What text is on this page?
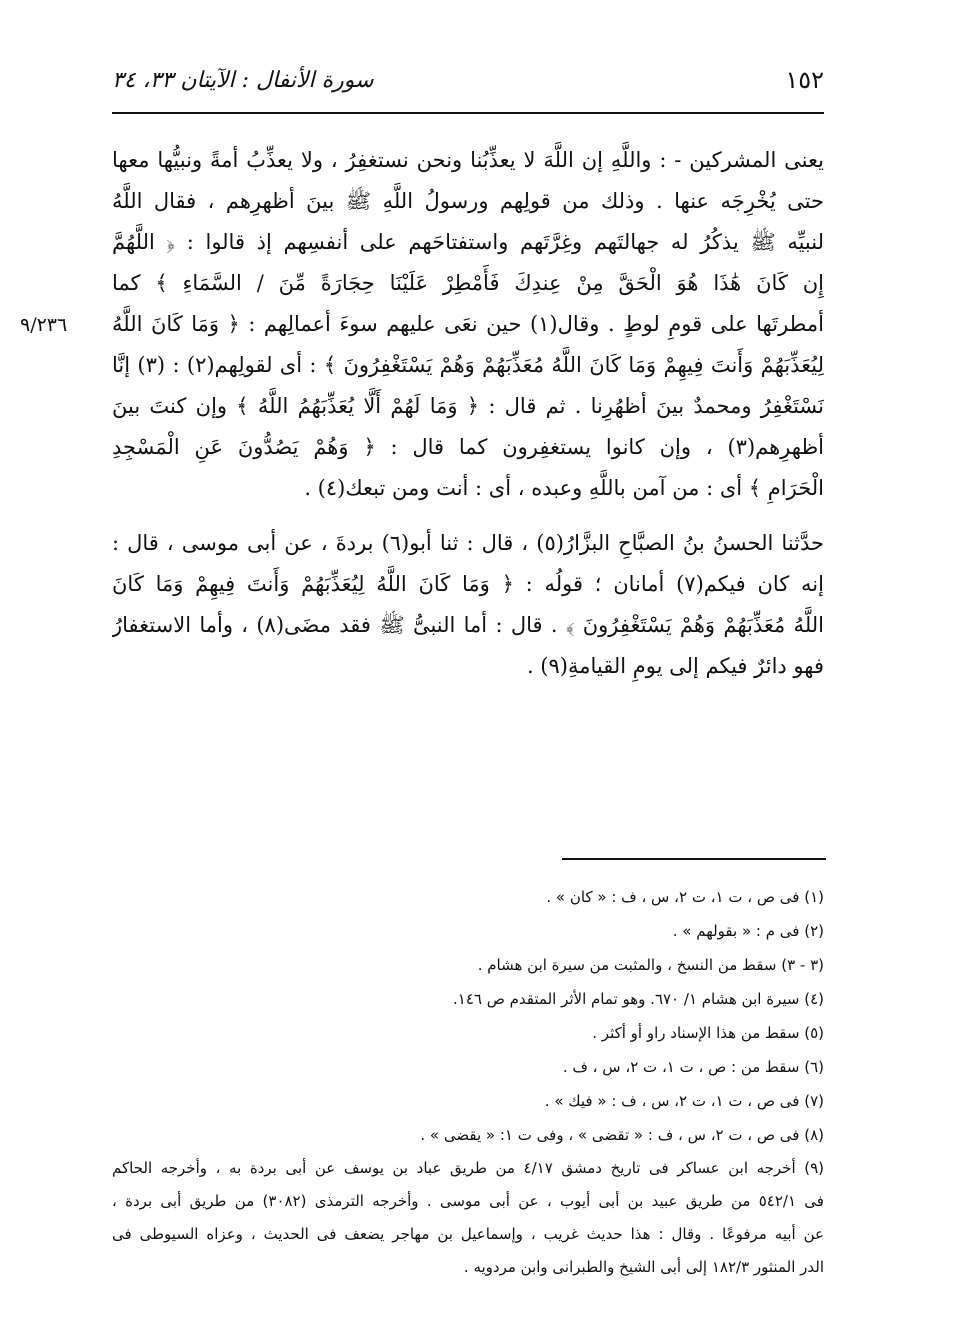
١٥٢
سورة الأنفال : الآيتان ٣٣، ٣٤
٩/٢٣٦
يعنى المشركين - : واللَّهِ إن اللَّهَ لا يعذِّبُنا ونحن نستغفِرُ ، ولا يعذِّبُ أمةً ونبيُّها معها
حتى يُخْرِجَه عنها . وذلك من قولِهم ورسولُ اللَّهِ ﷺ بينَ أظهرِهم ، فقال اللَّهُ
لنبيِّه ﷺ يذكُرُ له جهالتَهم وغِرَّتَهم واستفتاحَهم على أنفسِهم إذ قالوا : ﴿ اللَّهُمَّ
إِن كَانَ هَٰذَا هُوَ الْحَقَّ مِنْ عِندِكَ فَأَمْطِرْ عَلَيْنَا حِجَارَةً مِّنَ / السَّمَاءِ ﴾ كما
أمطرتَها على قومِ لوطٍ . وقال(١) حين نعَى عليهم سوءَ أعمالِهم : ﴿ وَمَا كَانَ اللَّهُ
لِيُعَذِّبَهُمْ وَأَنتَ فِيهِمْ وَمَا كَانَ اللَّهُ مُعَذِّبَهُمْ وَهُمْ يَسْتَغْفِرُونَ ﴾ : أى لقولِهم(٢) : (٣) إنَّا
نَسْتَغْفِرُ ومحمدٌ بينَ أظهُرِنا . ثم قال : ﴿ وَمَا لَهُمْ أَلَّا يُعَذِّبَهُمُ اللَّهُ ﴾ وإن كنتَ بينَ
أظهرِهم(٣) ، وإن كانوا يستغفِرون كما قال : ﴿ وَهُمْ يَصُدُّونَ عَنِ الْمَسْجِدِ
الْحَرَامِ ﴾ أى : من آمن باللَّهِ وعبده ، أى : أنت ومن تبعك(٤) .
حدَّثنا الحسنُ بنُ الصبَّاحِ البزَّارُ(٥) ، قال : ثنا أبو(٦) بردةَ ، عن أبى موسى ، قال :
إنه كان فيكم(٧) أمانان ؛ قولُه : ﴿ وَمَا كَانَ اللَّهُ لِيُعَذِّبَهُمْ وَأَنتَ فِيهِمْ وَمَا كَانَ
اللَّهُ مُعَذِّبَهُمْ وَهُمْ يَسْتَغْفِرُونَ ﴾ . قال : أما النبىُّ ﷺ فقد مضَى(٨) ، وأما الاستغفارُ
فهو دائرٌ فيكم إلى يومِ القيامةِ(٩) .
(١) فى ص ، ت ١، ت ٢، س ، ف : « كان » .
(٢) فى م : « بقولهم » .
(٣ - ٣) سقط من النسخ ، والمثبت من سيرة ابن هشام .
(٤) سيرة ابن هشام ١/ ٦٧٠. وهو تمام الأثر المتقدم ص ١٤٦.
(٥) سقط من هذا الإسناد راو أو أكثر .
(٦) سقط من : ص ، ت ١، ت ٢، س ، ف .
(٧) فى ص ، ت ١، ت ٢، س ، ف : « فيك » .
(٨) فى ص ، ت ٢، س ، ف : « تقضى » ، وفى ت ١: « يقضى » .
(٩) أخرجه ابن عساكر فى تاريخ دمشق ٤/١٧ من طريق عباد بن يوسف عن أبى بردة به ، وأخرجه الحاكم
فى ٥٤٢/١ من طريق عبيد بن أبى أيوب ، عن أبى موسى . وأخرجه الترمذى (٣٠٨٢) من طريق أبى بردة ،
عن أبيه مرفوعًا . وقال : هذا حديث غريب ، وإسماعيل بن مهاجر يضعف فى الحديث ، وعزاه السيوطى فى
الدر المنثور ١٨٢/٣ إلى أبى الشيخ والطبرانى وابن مردويه .
